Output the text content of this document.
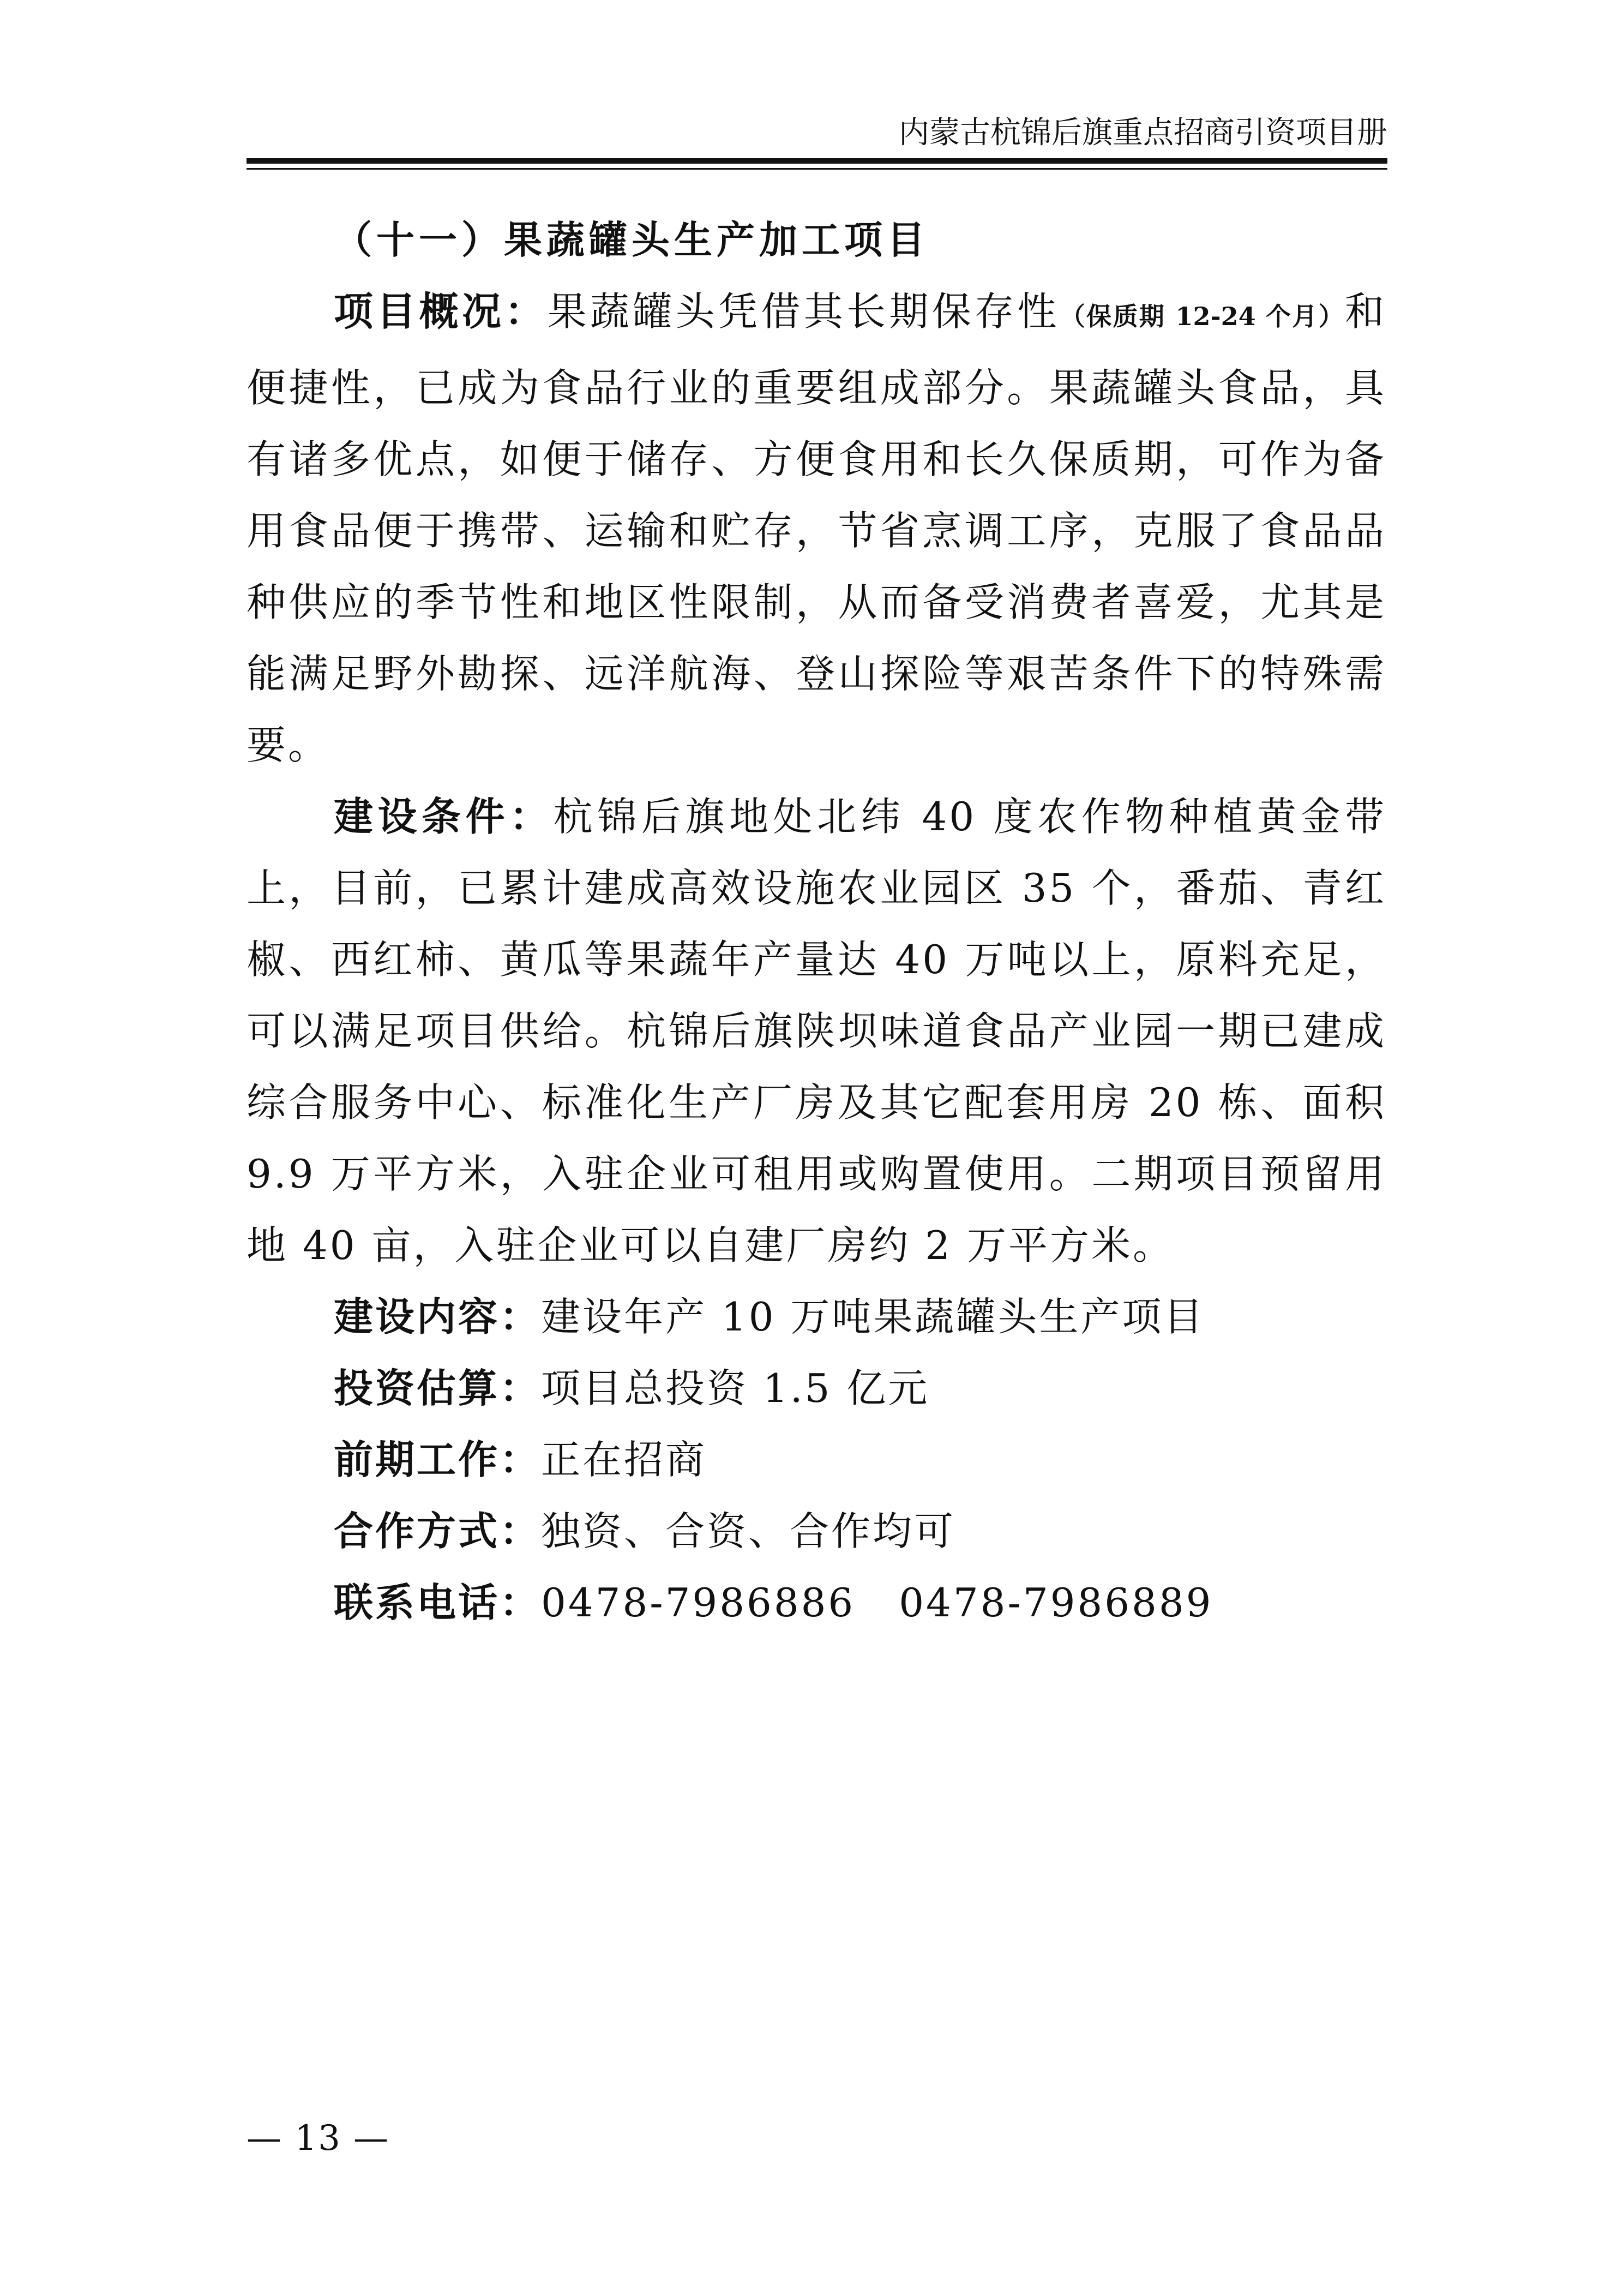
内蒙古杭锦后旗重点招商引资项目册

（十一）果蔬罐头生产加工项目

项目概况：果蔬罐头凭借其长期保存性（保质期 12-24 个月）和便捷性，已成为食品行业的重要组成部分。果蔬罐头食品，具有诸多优点，如便于储存、方便食用和长久保质期，可作为备用食品便于携带、运输和贮存，节省烹调工序，克服了食品品种供应的季节性和地区性限制，从而备受消费者喜爱，尤其是能满足野外勘探、远洋航海、登山探险等艰苦条件下的特殊需要。

建设条件：杭锦后旗地处北纬 40 度农作物种植黄金带上，目前，已累计建成高效设施农业园区 35 个，番茄、青红椒、西红柿、黄瓜等果蔬年产量达 40 万吨以上，原料充足，可以满足项目供给。杭锦后旗陕坝味道食品产业园一期已建成综合服务中心、标准化生产厂房及其它配套用房 20 栋、面积 9.9 万平方米，入驻企业可租用或购置使用。二期项目预留用地 40 亩，入驻企业可以自建厂房约 2 万平方米。

建设内容：建设年产 10 万吨果蔬罐头生产项目

投资估算：项目总投资 1.5 亿元

前期工作：正在招商

合作方式：独资、合资、合作均可

联系电话：0478-7986886 0478-7986889

— 13 —
